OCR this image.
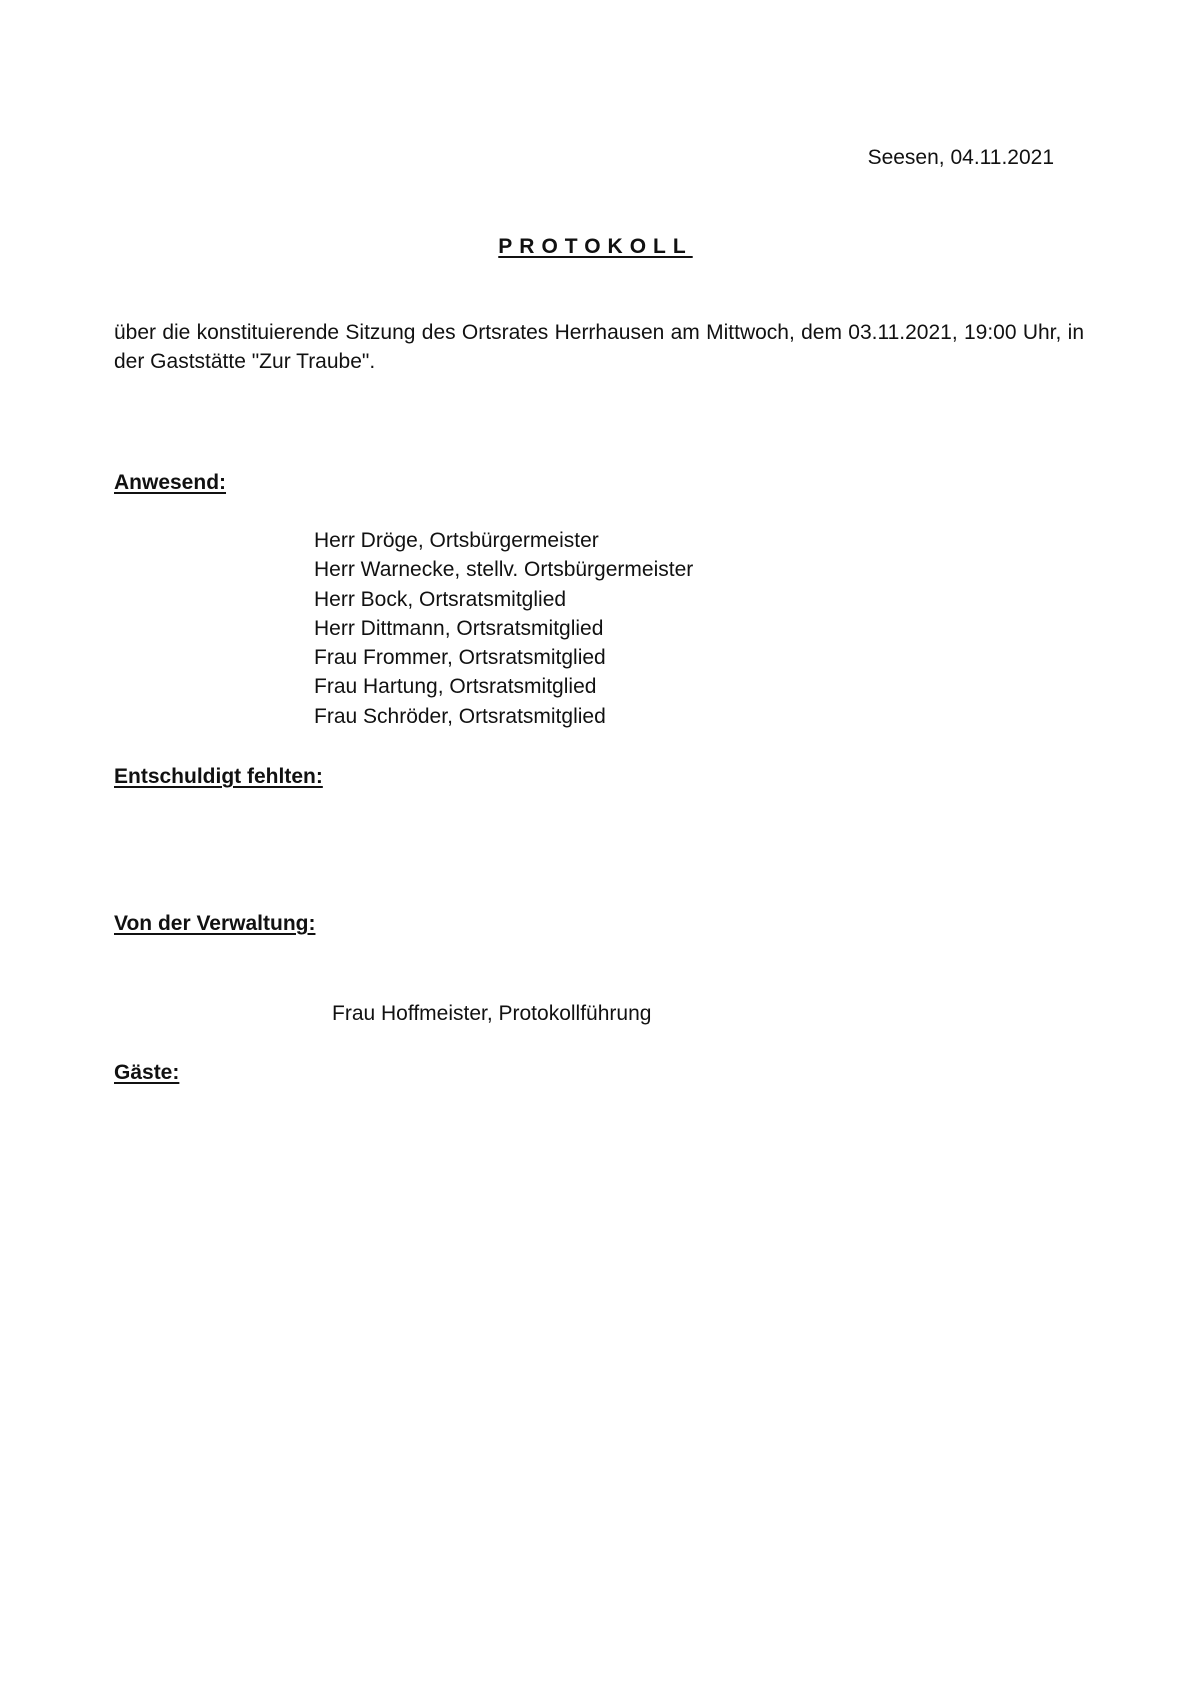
Seesen, 04.11.2021
PROTOKOLL
über die konstituierende Sitzung des Ortsrates Herrhausen am Mittwoch, dem 03.11.2021, 19:00 Uhr, in der Gaststätte "Zur Traube".
Anwesend:
Herr Dröge, Ortsbürgermeister
Herr Warnecke, stellv. Ortsbürgermeister
Herr Bock, Ortsratsmitglied
Herr Dittmann, Ortsratsmitglied
Frau Frommer, Ortsratsmitglied
Frau Hartung, Ortsratsmitglied
Frau Schröder, Ortsratsmitglied
Entschuldigt fehlten:
Von der Verwaltung:
Frau Hoffmeister, Protokollführung
Gäste:
